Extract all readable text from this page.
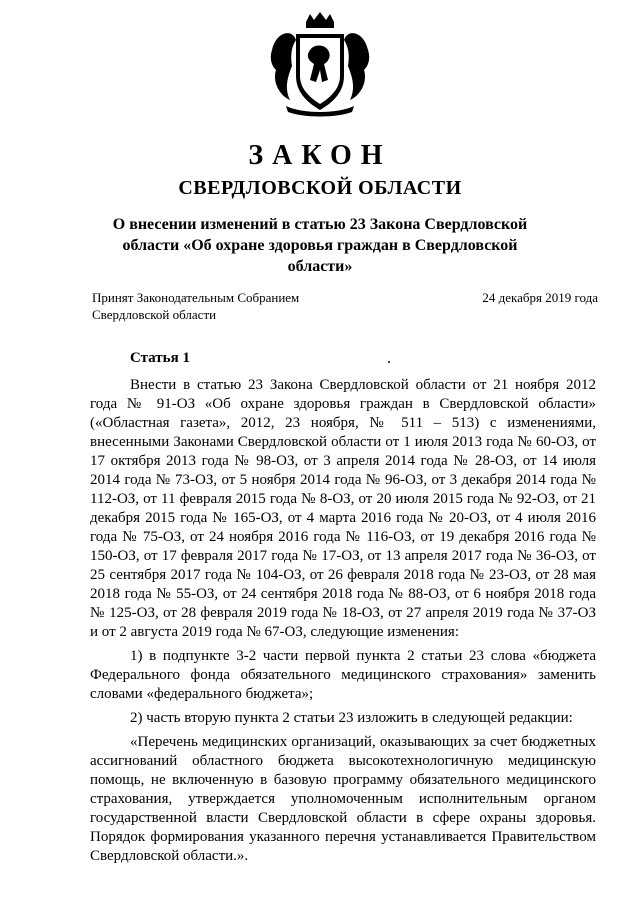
ЗАКОН
СВЕРДЛОВСКОЙ ОБЛАСТИ
О внесении изменений в статью 23 Закона Свердловской области «Об охране здоровья граждан в Свердловской области»
Принят Законодательным Собранием
Свердловской области
24 декабря 2019 года
Статья 1

Внести в статью 23 Закона Свердловской области от 21 ноября 2012 года № 91-ОЗ «Об охране здоровья граждан в Свердловской области» («Областная газета», 2012, 23 ноября, № 511 – 513) с изменениями, внесенными Законами Свердловской области от 1 июля 2013 года № 60-ОЗ, от 17 октября 2013 года № 98-ОЗ, от 3 апреля 2014 года № 28-ОЗ, от 14 июля 2014 года № 73-ОЗ, от 5 ноября 2014 года № 96-ОЗ, от 3 декабря 2014 года № 112-ОЗ, от 11 февраля 2015 года № 8-ОЗ, от 20 июля 2015 года № 92-ОЗ, от 21 декабря 2015 года № 165-ОЗ, от 4 марта 2016 года № 20-ОЗ, от 4 июля 2016 года № 75-ОЗ, от 24 ноября 2016 года № 116-ОЗ, от 19 декабря 2016 года № 150-ОЗ, от 17 февраля 2017 года № 17-ОЗ, от 13 апреля 2017 года № 36-ОЗ, от 25 сентября 2017 года № 104-ОЗ, от 26 февраля 2018 года № 23-ОЗ, от 28 мая 2018 года № 55-ОЗ, от 24 сентября 2018 года № 88-ОЗ, от 6 ноября 2018 года № 125-ОЗ, от 28 февраля 2019 года № 18-ОЗ, от 27 апреля 2019 года № 37-ОЗ и от 2 августа 2019 года № 67-ОЗ, следующие изменения:

1) в подпункте 3-2 части первой пункта 2 статьи 23 слова «бюджета Федерального фонда обязательного медицинского страхования» заменить словами «федерального бюджета»;

2) часть вторую пункта 2 статьи 23 изложить в следующей редакции:

«Перечень медицинских организаций, оказывающих за счет бюджетных ассигнований областного бюджета высокотехнологичную медицинскую помощь, не включенную в базовую программу обязательного медицинского страхования, утверждается уполномоченным исполнительным органом государственной власти Свердловской области в сфере охраны здоровья. Порядок формирования указанного перечня устанавливается Правительством Свердловской области.».
